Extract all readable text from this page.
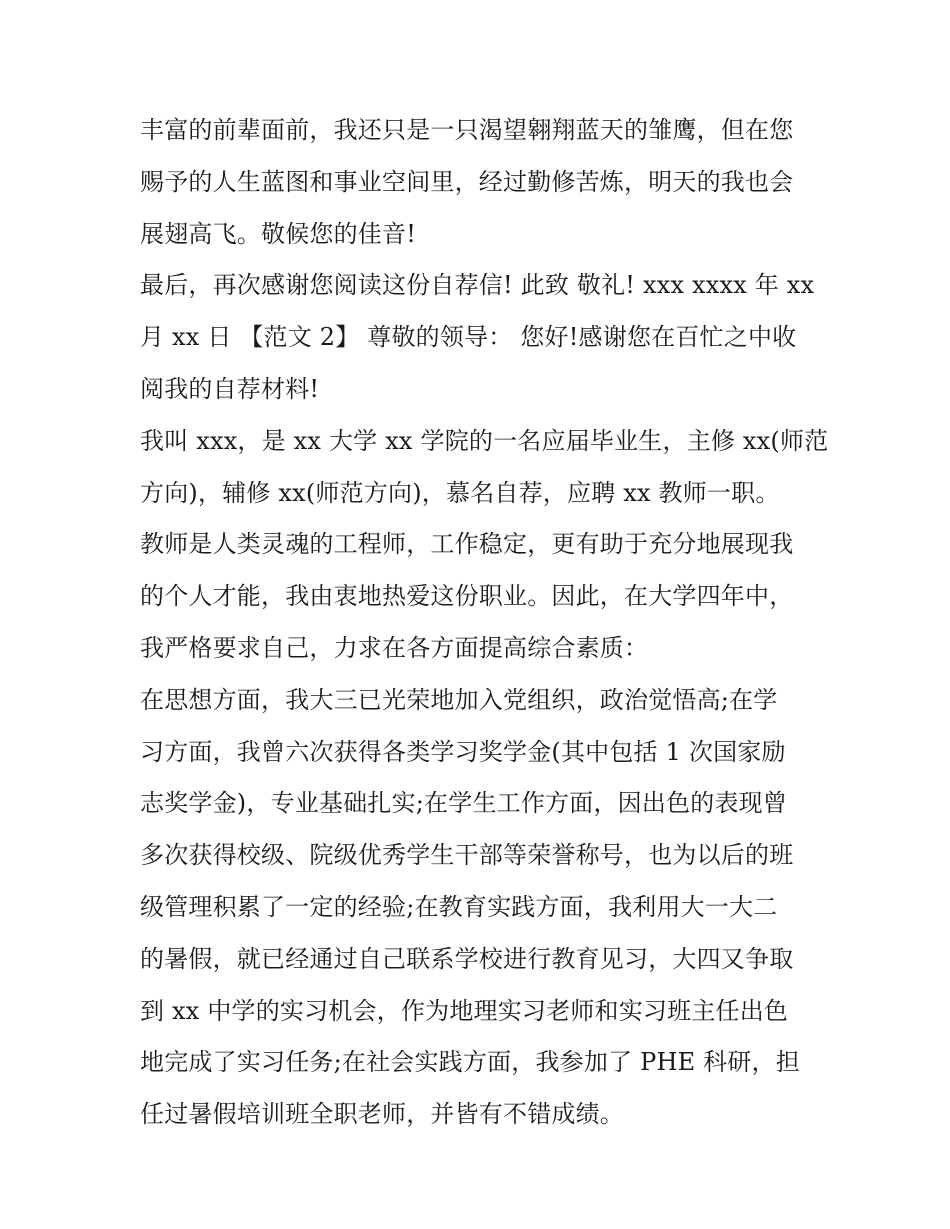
丰富的前辈面前，我还只是一只渴望翱翔蓝天的雏鹰，但在您
赐予的人生蓝图和事业空间里，经过勤修苦炼，明天的我也会
展翅高飞。敬候您的佳音!
最后，再次感谢您阅读这份自荐信! 此致 敬礼! xxx xxxx 年 xx
月 xx 日 【范文 2】 尊敬的领导： 您好!感谢您在百忙之中收
阅我的自荐材料!
我叫 xxx，是 xx 大学 xx 学院的一名应届毕业生，主修 xx(师范
方向)，辅修 xx(师范方向)，慕名自荐，应聘 xx 教师一职。
教师是人类灵魂的工程师，工作稳定，更有助于充分地展现我
的个人才能，我由衷地热爱这份职业。因此，在大学四年中，
我严格要求自己，力求在各方面提高综合素质：
在思想方面，我大三已光荣地加入党组织，政治觉悟高;在学
习方面，我曾六次获得各类学习奖学金(其中包括 1 次国家励
志奖学金)，专业基础扎实;在学生工作方面，因出色的表现曾
多次获得校级、院级优秀学生干部等荣誉称号，也为以后的班
级管理积累了一定的经验;在教育实践方面，我利用大一大二
的暑假，就已经通过自己联系学校进行教育见习，大四又争取
到 xx 中学的实习机会，作为地理实习老师和实习班主任出色
地完成了实习任务;在社会实践方面，我参加了 PHE 科研，担
任过暑假培训班全职老师，并皆有不错成绩。
